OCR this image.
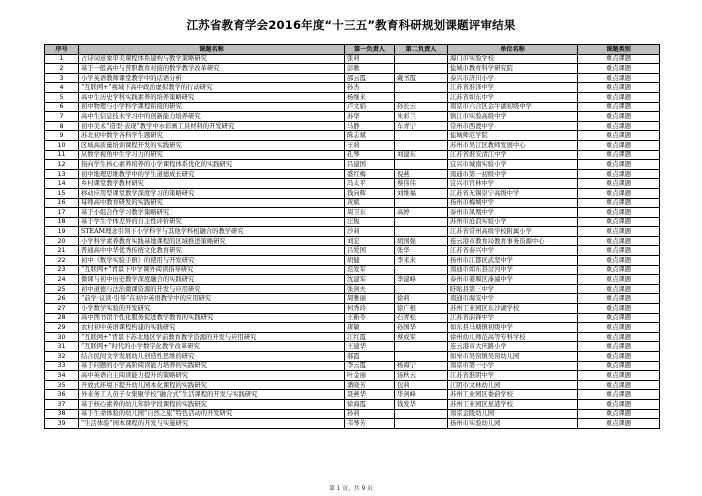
江苏省教育学会2016年度“十三五”教育科研规划课题评审结果
序号	课题名称	第一负责人	第二负责人	单位名称	课题类别
1	占诗词意象审美课程体系建构与教学策略研究	张莉		海门市实验学校	重点课题
2	基于一般高中与普职教育对接的数学教学改革研究	彭歌		盐城市教育科学研究院	重点课题
3	小学英语教师课堂教学中的话语分析	邵云霞	戴书霞	泰兴市济川小学	重点课题
4	“互联网+”视域下高中政治虚拟教学的行动研究	孙杰		江苏省淮泽中学	重点课题
5	高中生历史学科实践素养的培养策略研究	杨继来		江苏省如东中学	重点课题
6	初中物理与小学科学课程衔接的研究	卢文娟	孙长云	南京市六合区金牛湖初级中学	重点课题
7	高中生信息技术学习中的创新能力培养研究	苏华	朱彩兰	镇江市实验高级中学	重点课题
8	初中美术“造型·表现”教学中水彩画工具材料的开发研究	马静	车青宁	常州市西渡中学	重点课题
9	苏北初中数学各科学生题研究	陈志斌		盐城师范学院	重点课题
10	区域高质量培训课程开发的实践研究	王莉		苏州市吴江区教师发展中心	重点课题
11	从数学视角中生学习力的研究	孔琴	刘建东	江苏省淮安清江中学	重点课题
12	指向学生核心素养培养的小学课程体系优化的实践研究	吕建国		宜兴市城南实验小学	重点课题
13	初中地理思维教学中的学生道德成长研究	盛红梅	倪燕	南通市第一初级中学	重点课题
14	乡村课堂教学教材研究	冯太平	蔡伟伟	宜兴市官林中学	重点课题
15	移动应用型课堂教学深度学习的策略研究	钱向辉	刘维福	江苏省无锡崇宁高级中学	重点课题
16	每师高中教育研发的实践研究	黄斌		扬州市梅城中学	重点课题
17	基于小组合作学习教学策略研究	周卫东	高婷	泰州市凤凰中学	重点课题
18	基于学生个体差异的自主性评价研究	汪俊		苏州市沧浪实验小学	重点课题
19	STEAM理念引领下小学科学与其他学科相融合的教学研究	沙莉		江苏省常州高级学校附属小学	重点课题
20	小学科学素养教育实践基地课程的区域推进策略研究	刘宏	胡国强	连云港市教育局教育事务资源中心	重点课题
21	普通高中中华优秀传统文化教育研究	吕爱国	张华	江苏省泰兴中学	重点课题
22	初中《数学实验手册》的使用与开发研究	胡健	李来来	扬州市江都区武坚中学	重点课题
23	“互联网+”背景下中学课外阅读指导研究	范爱军		南通市如东县岔河中学	重点课题
24	微课与初中历史教学深度融合的实践研究	沈建军	李建峰	泰州市姜堰区溱潼中学	重点课题
25	初中道德与法治微课资源的开发与应用研究	张剑夫		盱眙县第三中学	重点课题
26	“前学·议读·引导”在初中英语教学中的应用研究	周雅丽	徐莉	南通市海安中学	重点课题
27	小学数学实验的开发研究	何秀玲	徐广根	苏州工业园区东沙湖学校	重点课题
28	高中图书馆个性化服务促进教学教育的实践研究	王新苓	石青松	江苏省前锋中学	重点课题
29	农村初中英语课程构建的实践研究	唐敏	孙国华	如东县马塘镇初级中学	重点课题
30	“互联网+”背景下苏北地区学前教育教学资源的开发与应用研究	江红霞	蔡成军	徐州幼儿师范高等专科学校	重点课题
31	“互联网+”时代的小学数字化教学改革研究	王建华		连云港市大庆路小学	重点课题
32	结合民间文学发展幼儿创造性思维的研究	郝霞		如皋市吴窑镇吴窑幼儿园	重点课题
33	基于问题的小学高阶阅读能力培养的实践研究	李云霞	杨海宁	南京市第一小学	重点课题
34	高中英语自主阅读能力提升的策略研究	叶金丽	汤秋云	江苏省淮阴中学	重点课题
35	开放式环境下提升幼儿园本化课程的实践研究	潘晓芳	包莉	江阴市文林幼儿园	重点课题
36	外来务工人员子女集聚学校“融合式”生活课程的开发与实践研究	聂燕华	华剑峰	苏州工业园区娄葑学校	重点课题
37	基于核心素养的幼儿年龄学段课程的实践研究	徐海霞	钱发华	苏州工业园区星港学校	重点课题
38	基于生命体验的幼儿园“自然之旅”特色活动的开发研究	孙莉		南京金陵幼儿园	重点课题
39	“生活体验”园本课程的开发与实施研究	韦琴芳		扬州市实验幼儿园	重点课题
第 1 页，共 9 页
